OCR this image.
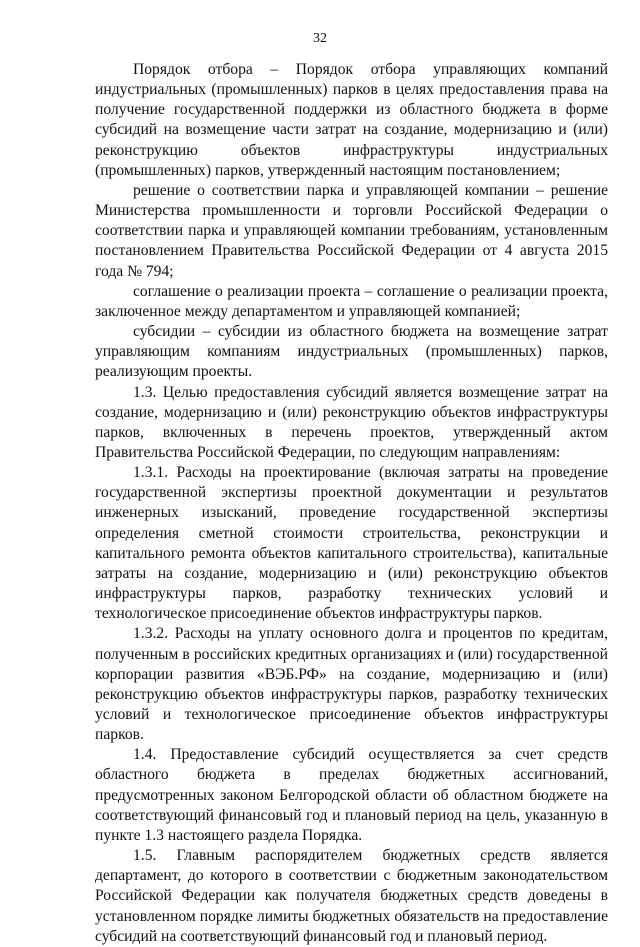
32

Порядок отбора – Порядок отбора управляющих компаний индустриальных (промышленных) парков в целях предоставления права на получение государственной поддержки из областного бюджета в форме субсидий на возмещение части затрат на создание, модернизацию и (или) реконструкцию объектов инфраструктуры индустриальных (промышленных) парков, утвержденный настоящим постановлением;

решение о соответствии парка и управляющей компании – решение Министерства промышленности и торговли Российской Федерации о соответствии парка и управляющей компании требованиям, установленным постановлением Правительства Российской Федерации от 4 августа 2015 года № 794;

соглашение о реализации проекта – соглашение о реализации проекта, заключенное между департаментом и управляющей компанией;

субсидии – субсидии из областного бюджета на возмещение затрат управляющим компаниям индустриальных (промышленных) парков, реализующим проекты.

1.3. Целью предоставления субсидий является возмещение затрат на создание, модернизацию и (или) реконструкцию объектов инфраструктуры парков, включенных в перечень проектов, утвержденный актом Правительства Российской Федерации, по следующим направлениям:

1.3.1. Расходы на проектирование (включая затраты на проведение государственной экспертизы проектной документации и результатов инженерных изысканий, проведение государственной экспертизы определения сметной стоимости строительства, реконструкции и капитального ремонта объектов капитального строительства), капитальные затраты на создание, модернизацию и (или) реконструкцию объектов инфраструктуры парков, разработку технических условий и технологическое присоединение объектов инфраструктуры парков.

1.3.2. Расходы на уплату основного долга и процентов по кредитам, полученным в российских кредитных организациях и (или) государственной корпорации развития «ВЭБ.РФ» на создание, модернизацию и (или) реконструкцию объектов инфраструктуры парков, разработку технических условий и технологическое присоединение объектов инфраструктуры парков.

1.4. Предоставление субсидий осуществляется за счет средств областного бюджета в пределах бюджетных ассигнований, предусмотренных законом Белгородской области об областном бюджете на соответствующий финансовый год и плановый период на цель, указанную в пункте 1.3 настоящего раздела Порядка.

1.5. Главным распорядителем бюджетных средств является департамент, до которого в соответствии с бюджетным законодательством Российской Федерации как получателя бюджетных средств доведены в установленном порядке лимиты бюджетных обязательств на предоставление субсидий на соответствующий финансовый год и плановый период.
